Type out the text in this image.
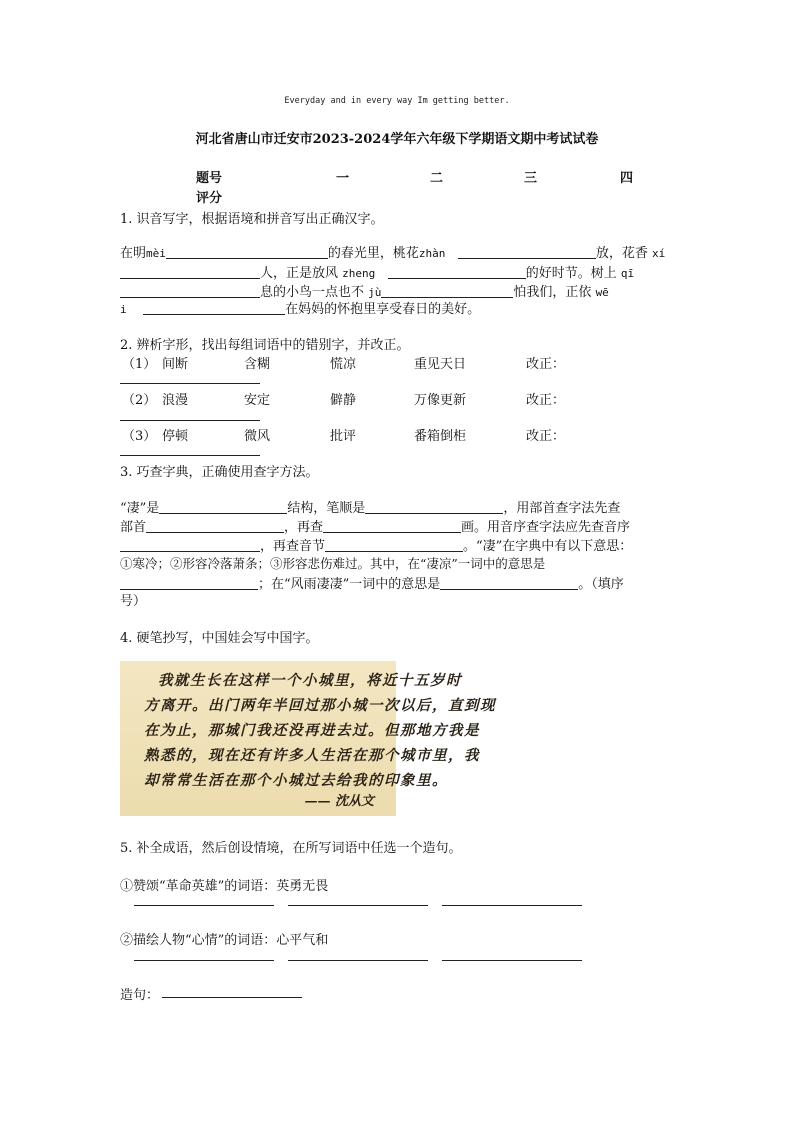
Everyday and in every way Im getting better.
河北省唐山市迁安市2023-2024学年六年级下学期语文期中考试试卷
题号	一	二	三	四
评分
1. 识音写字，根据语境和拼音写出正确汉字。
在明mèi	的春光里，桃花zhàn	放，花香 xí
人，正是放风 zheng	的好时节。树上 qī
息的小鸟一点也不 jù	怕我们，正依 wē
i	在妈妈的怀抱里享受春日的美好。
2. 辨析字形，找出每组词语中的错别字，并改正。
（1） 间断	含糊	慌凉	重见天日	改正：
（2） 浪漫	安定	僻静	万像更新	改正：
（3） 停顿	微风	批评	番箱倒柜	改正：
3. 巧查字典，正确使用查字方法。
“凄”是	结构，笔顺是	，用部首查字法先查
部首	，再查	画。用音序查字法应先查音序
，再查音节	。“凄”在字典中有以下意思：
①寒冷；②形容冷落萧条；③形容悲伤难过。其中，在“凄凉”一词中的意思是
；在“风雨凄凄”一词中的意思是	。（填序
号）
4. 硬笔抄写，中国娃会写中国字。
我就生长在这样一个小城里，将近十五岁时
方离开。出门两年半回过那小城一次以后，直到现
在为止，那城门我还没再进去过。但那地方我是
熟悉的，现在还有许多人生活在那个城市里，我
却常常生活在那个小城过去给我的印象里。
—— 沈从文
5. 补全成语，然后创设情境，在所写词语中任选一个造句。
①赞颂“革命英雄”的词语：英勇无畏
②描绘人物“心情”的词语：心平气和
造句：
